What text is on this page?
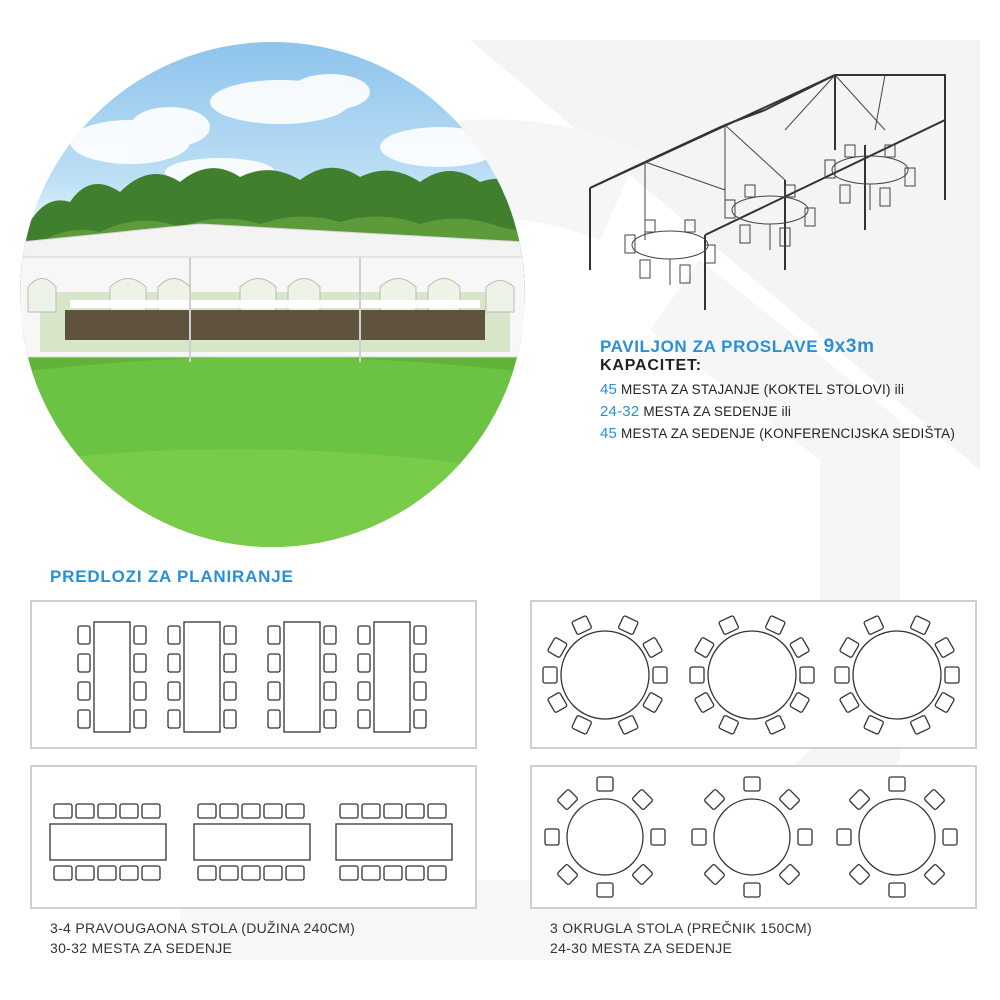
PAVILJON ZA PROSLAVE 9x3m
KAPACITET:
45 MESTA ZA STAJANJE (KOKTEL STOLOVI) ili
24-32 MESTA ZA SEDENJE ili
45 MESTA ZA SEDENJE (KONFERENCIJSKA SEDIŠTA)
PREDLOZI ZA PLANIRANJE
3-4 PRAVOUGAONA STOLA (DUŽINA 240CM)
30-32 MESTA ZA SEDENJE
3 OKRUGLA STOLA (PREČNIK 150CM)
24-30 MESTA ZA SEDENJE
